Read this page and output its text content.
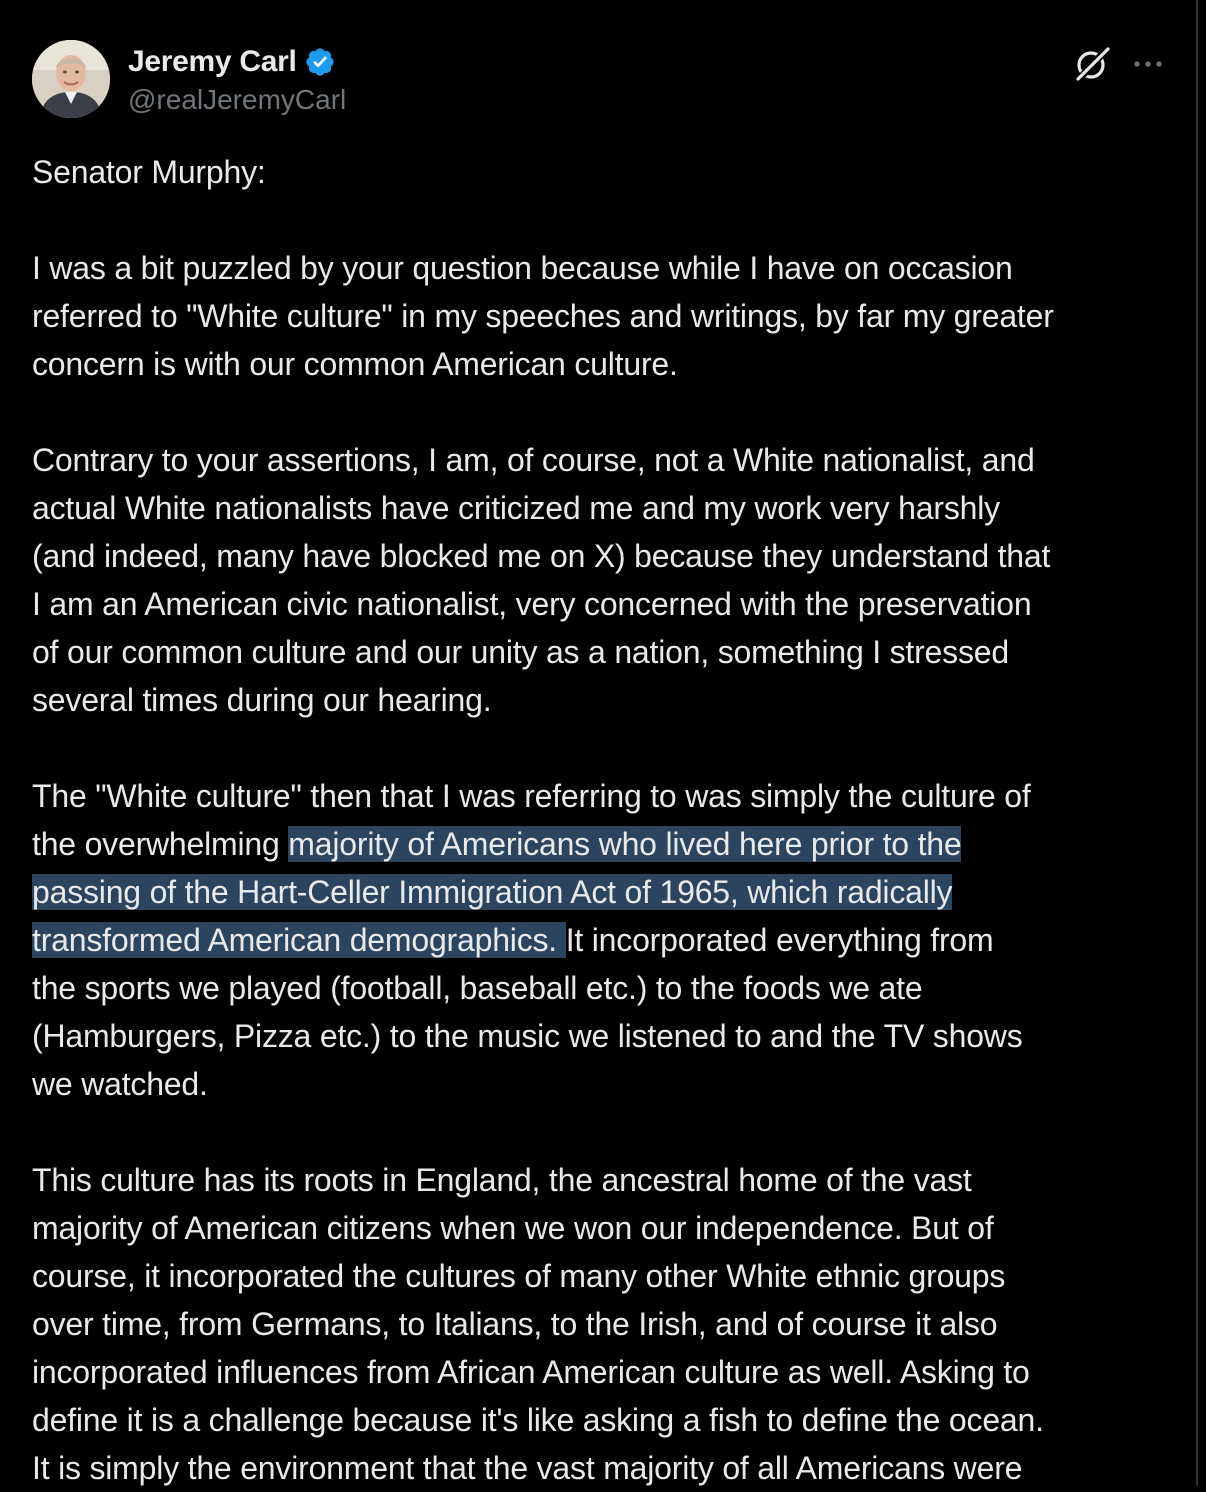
Jeremy Carl
@realJeremyCarl
Senator Murphy:
I was a bit puzzled by your question because while I have on occasion
referred to "White culture" in my speeches and writings, by far my greater
concern is with our common American culture.
Contrary to your assertions, I am, of course, not a White nationalist, and
actual White nationalists have criticized me and my work very harshly
(and indeed, many have blocked me on X) because they understand that
I am an American civic nationalist, very concerned with the preservation
of our common culture and our unity as a nation, something I stressed
several times during our hearing.
The "White culture" then that I was referring to was simply the culture of
the overwhelming majority of Americans who lived here prior to the
passing of the Hart-Celler Immigration Act of 1965, which radically
transformed American demographics. It incorporated everything from
the sports we played (football, baseball etc.) to the foods we ate
(Hamburgers, Pizza etc.) to the music we listened to and the TV shows
we watched.
This culture has its roots in England, the ancestral home of the vast
majority of American citizens when we won our independence. But of
course, it incorporated the cultures of many other White ethnic groups
over time, from Germans, to Italians, to the Irish, and of course it also
incorporated influences from African American culture as well. Asking to
define it is a challenge because it's like asking a fish to define the ocean.
It is simply the environment that the vast majority of all Americans were
